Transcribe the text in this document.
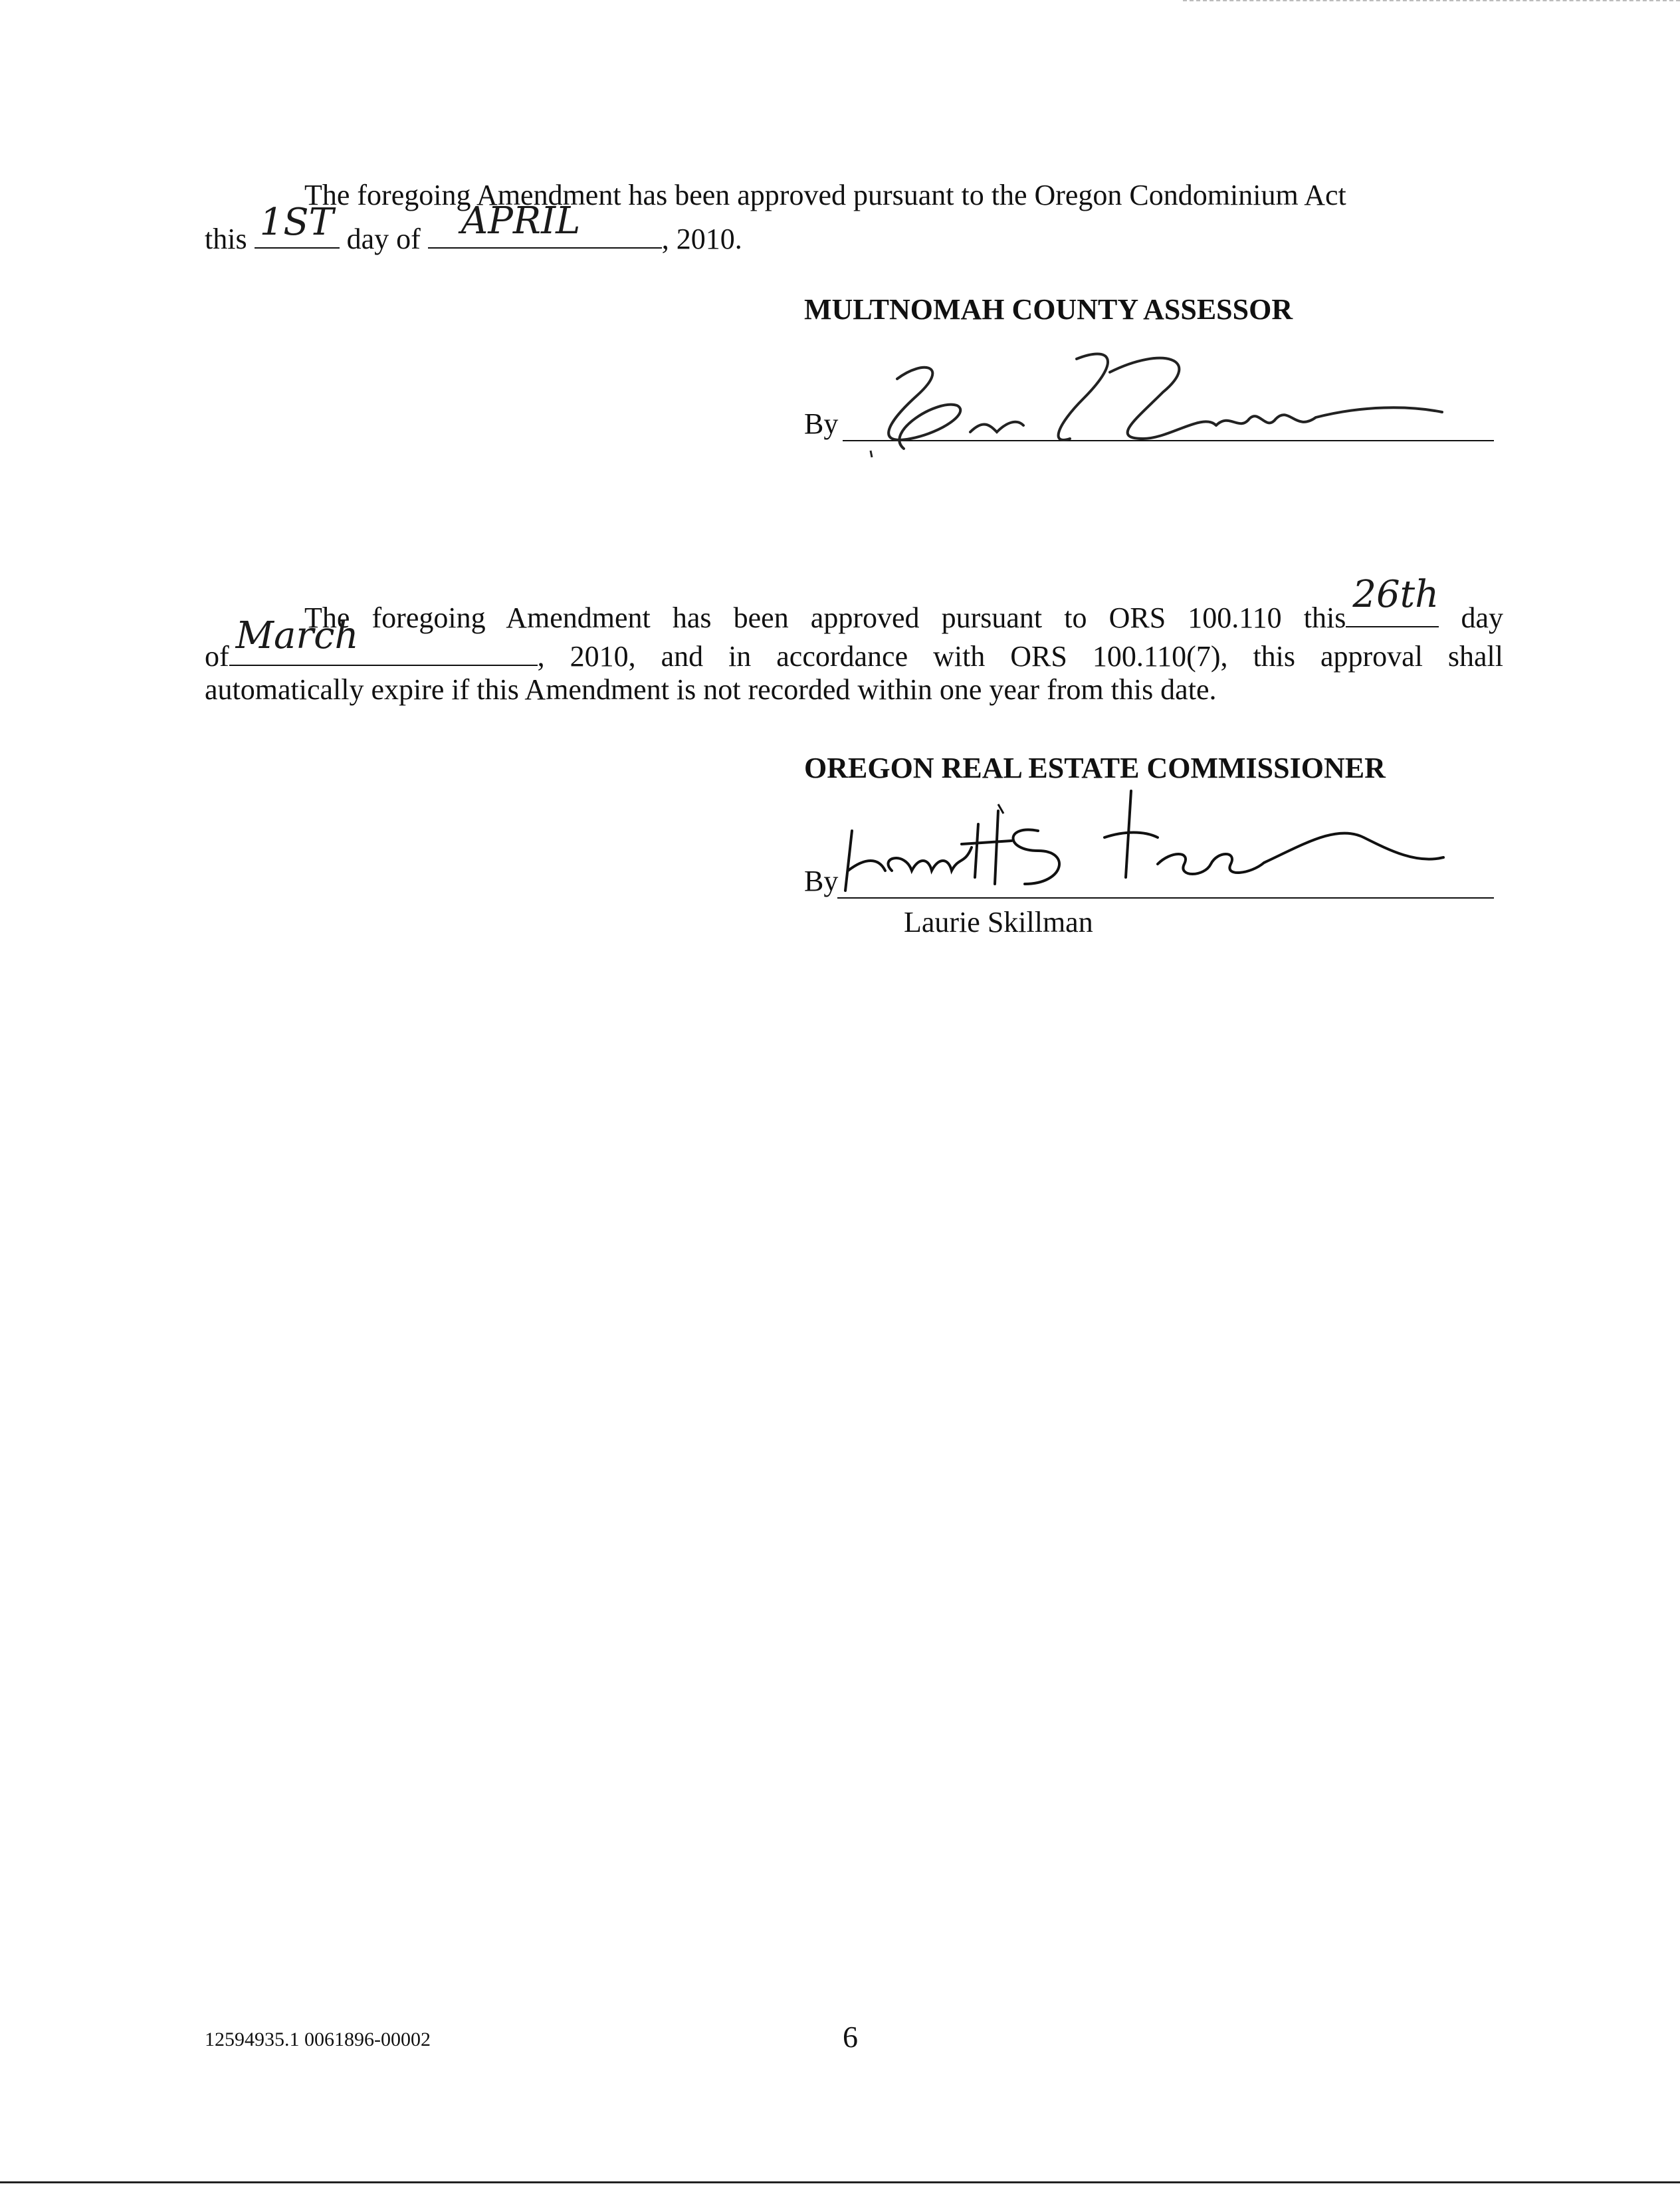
The foregoing Amendment has been approved pursuant to the Oregon Condominium Act
this 1ST day of APRIL	, 2010.
MULTNOMAH COUNTY ASSESSOR
By
The foregoing Amendment has been approved pursuant to ORS 100.110 this
26th
day
of March	, 2010, and in accordance with ORS 100.110(7), this approval shall
automatically expire if this Amendment is not recorded within one year from this date.
OREGON REAL ESTATE COMMISSIONER
By
Laurie Skillman
12594935.1 0061896-00002	6
